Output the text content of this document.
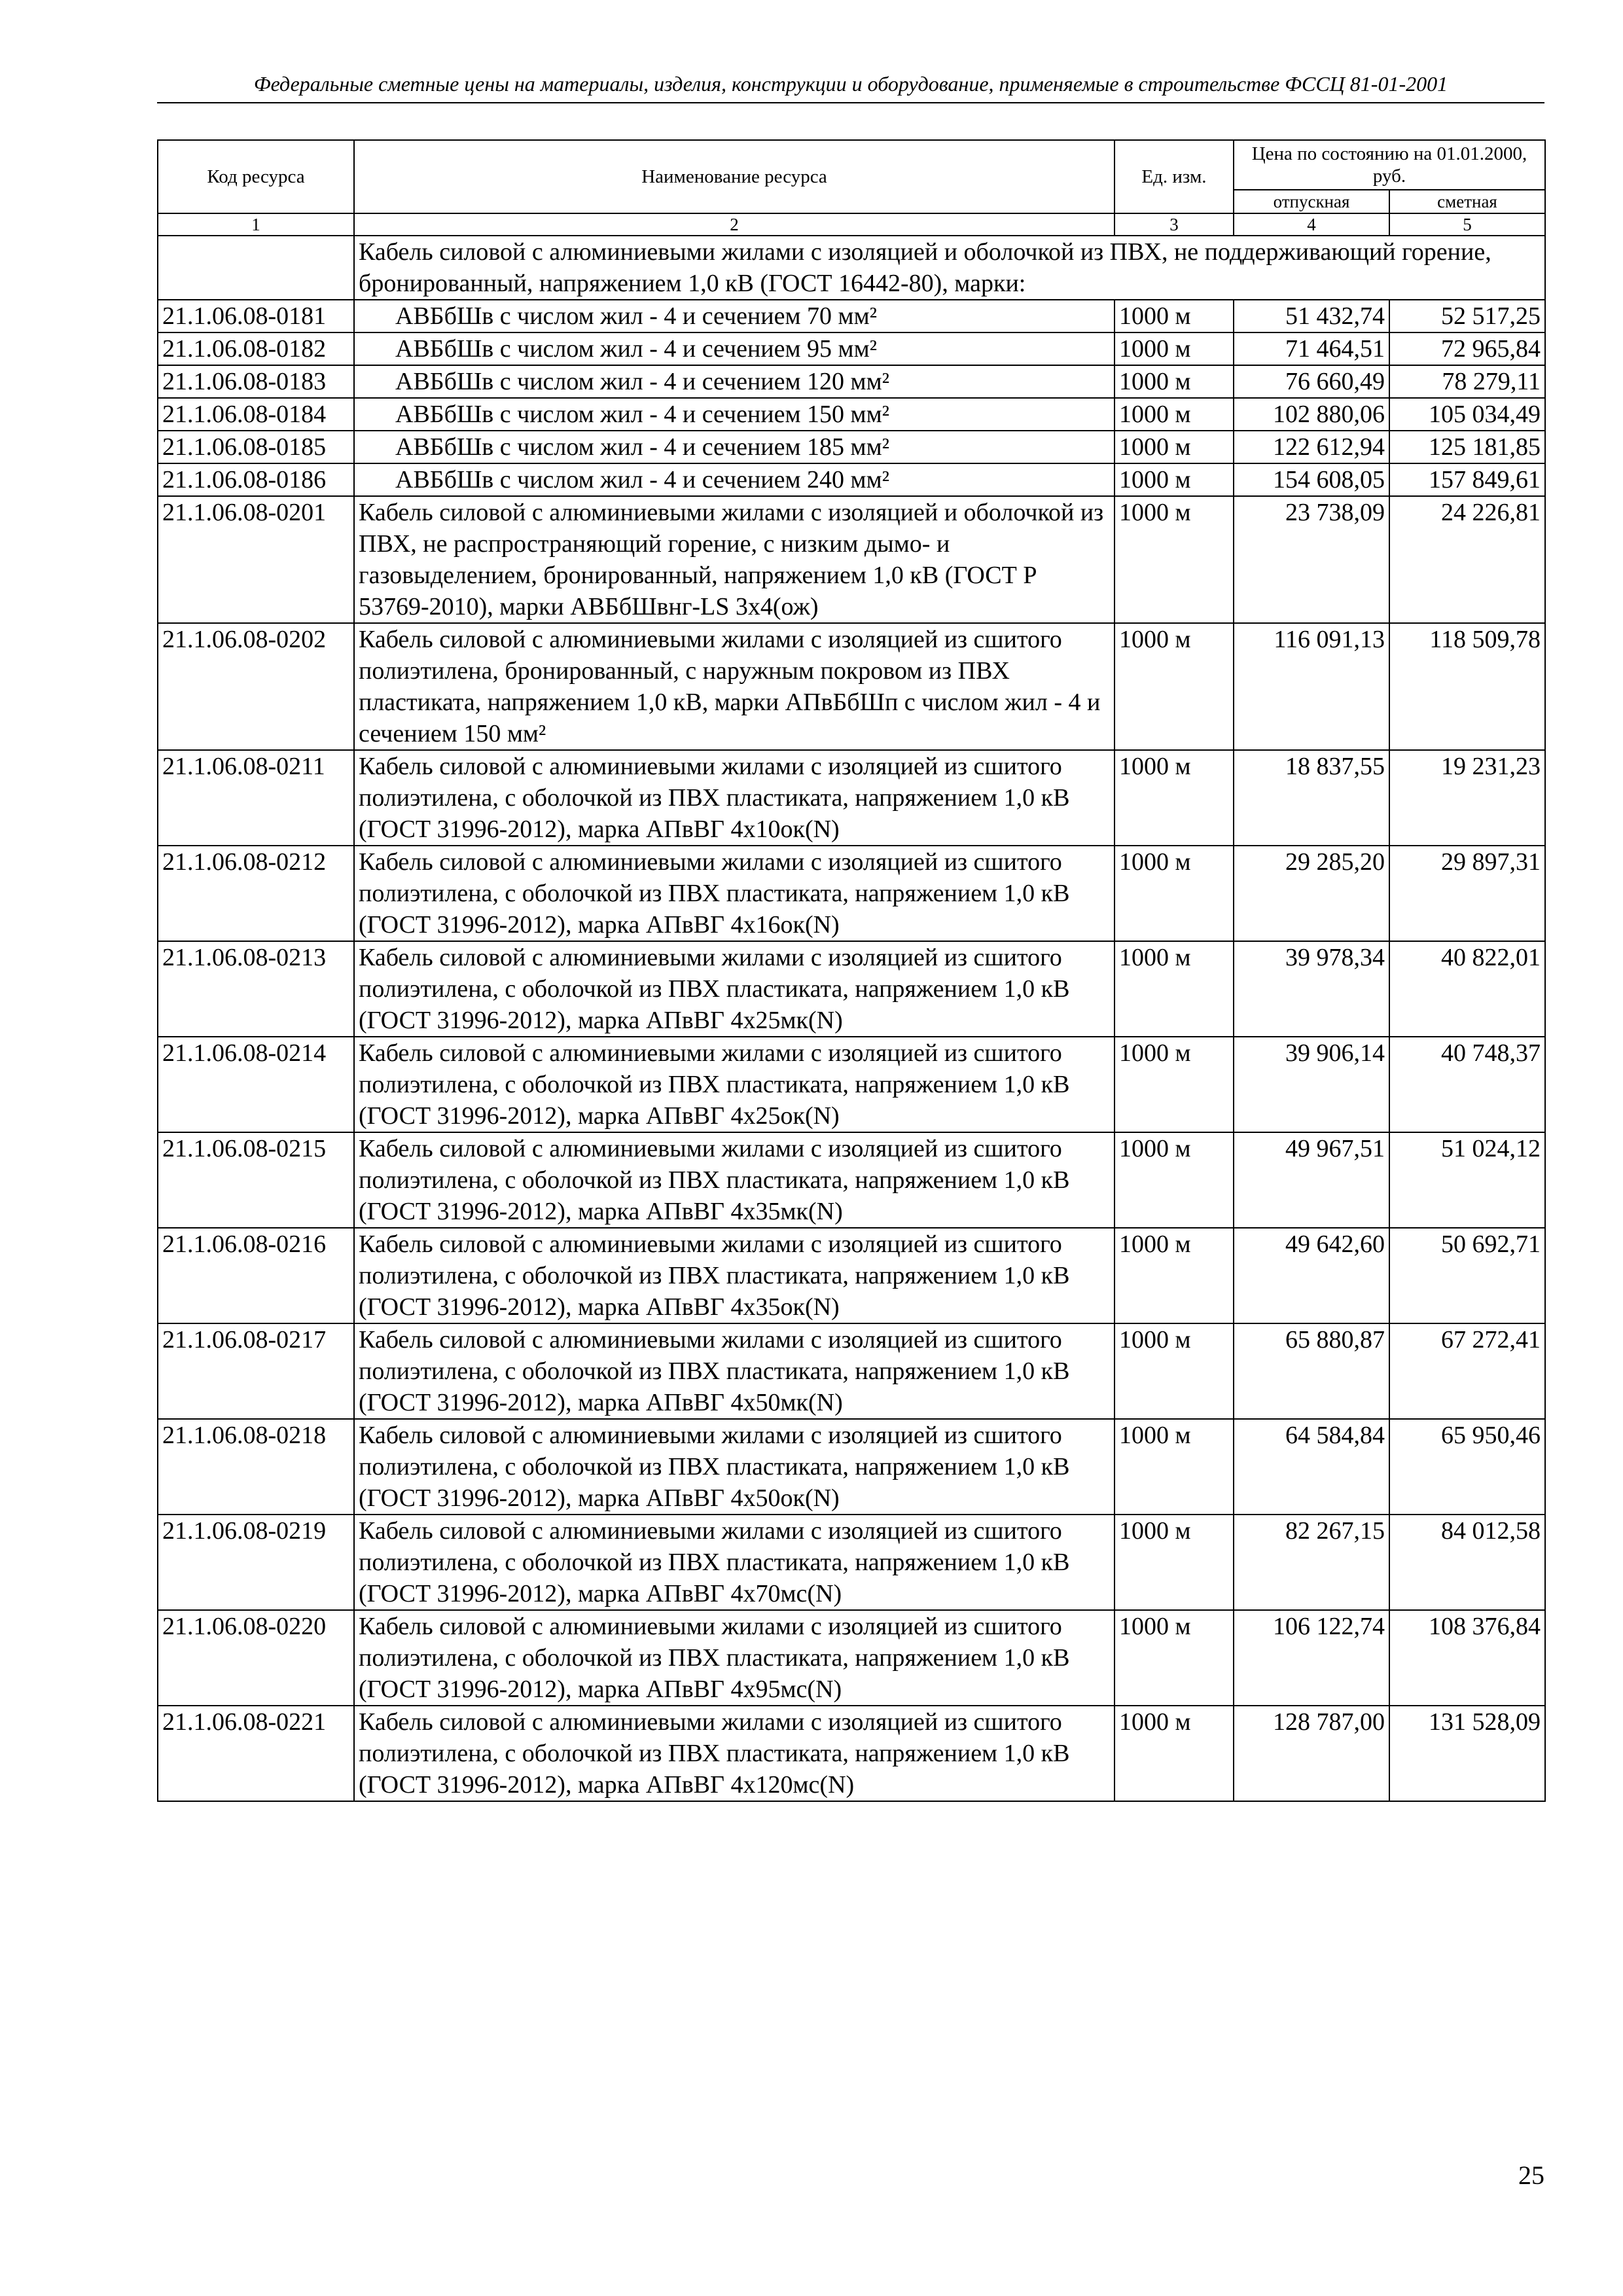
Федеральные сметные цены на материалы, изделия, конструкции и оборудование, применяемые в строительстве ФССЦ 81-01-2001
Код ресурса	Наименование ресурса	Ед. изм.	Цена по состоянию на 01.01.2000, руб.	
			отпускная	сметная
1	2	3	4	5
	Кабель силовой с алюминиевыми жилами с изоляцией и оболочкой из ПВХ, не поддерживающий горение, бронированный, напряжением 1,0 кВ (ГОСТ 16442-80), марки:			
21.1.06.08-0181	АВБбШв с числом жил - 4 и сечением 70 мм²	1000 м	51 432,74	52 517,25
21.1.06.08-0182	АВБбШв с числом жил - 4 и сечением 95 мм²	1000 м	71 464,51	72 965,84
21.1.06.08-0183	АВБбШв с числом жил - 4 и сечением 120 мм²	1000 м	76 660,49	78 279,11
21.1.06.08-0184	АВБбШв с числом жил - 4 и сечением 150 мм²	1000 м	102 880,06	105 034,49
21.1.06.08-0185	АВБбШв с числом жил - 4 и сечением 185 мм²	1000 м	122 612,94	125 181,85
21.1.06.08-0186	АВБбШв с числом жил - 4 и сечением 240 мм²	1000 м	154 608,05	157 849,61
21.1.06.08-0201	Кабель силовой с алюминиевыми жилами с изоляцией и оболочкой из ПВХ, не распространяющий горение, с низким дымо- и газовыделением, бронированный, напряжением 1,0 кВ (ГОСТ Р 53769-2010), марки АВБбШвнг-LS 3х4(ож)	1000 м	23 738,09	24 226,81
21.1.06.08-0202	Кабель силовой с алюминиевыми жилами с изоляцией из сшитого полиэтилена, бронированный, с наружным покровом из ПВХ пластиката, напряжением 1,0 кВ, марки АПвБбШп с числом жил - 4 и сечением 150 мм²	1000 м	116 091,13	118 509,78
21.1.06.08-0211	Кабель силовой с алюминиевыми жилами с изоляцией из сшитого полиэтилена, с оболочкой из ПВХ пластиката, напряжением 1,0 кВ (ГОСТ 31996-2012), марка АПвВГ 4х10ок(N)	1000 м	18 837,55	19 231,23
21.1.06.08-0212	Кабель силовой с алюминиевыми жилами с изоляцией из сшитого полиэтилена, с оболочкой из ПВХ пластиката, напряжением 1,0 кВ (ГОСТ 31996-2012), марка АПвВГ 4х16ок(N)	1000 м	29 285,20	29 897,31
21.1.06.08-0213	Кабель силовой с алюминиевыми жилами с изоляцией из сшитого полиэтилена, с оболочкой из ПВХ пластиката, напряжением 1,0 кВ (ГОСТ 31996-2012), марка АПвВГ 4х25мк(N)	1000 м	39 978,34	40 822,01
21.1.06.08-0214	Кабель силовой с алюминиевыми жилами с изоляцией из сшитого полиэтилена, с оболочкой из ПВХ пластиката, напряжением 1,0 кВ (ГОСТ 31996-2012), марка АПвВГ 4х25ок(N)	1000 м	39 906,14	40 748,37
21.1.06.08-0215	Кабель силовой с алюминиевыми жилами с изоляцией из сшитого полиэтилена, с оболочкой из ПВХ пластиката, напряжением 1,0 кВ (ГОСТ 31996-2012), марка АПвВГ 4х35мк(N)	1000 м	49 967,51	51 024,12
21.1.06.08-0216	Кабель силовой с алюминиевыми жилами с изоляцией из сшитого полиэтилена, с оболочкой из ПВХ пластиката, напряжением 1,0 кВ (ГОСТ 31996-2012), марка АПвВГ 4х35ок(N)	1000 м	49 642,60	50 692,71
21.1.06.08-0217	Кабель силовой с алюминиевыми жилами с изоляцией из сшитого полиэтилена, с оболочкой из ПВХ пластиката, напряжением 1,0 кВ (ГОСТ 31996-2012), марка АПвВГ 4х50мк(N)	1000 м	65 880,87	67 272,41
21.1.06.08-0218	Кабель силовой с алюминиевыми жилами с изоляцией из сшитого полиэтилена, с оболочкой из ПВХ пластиката, напряжением 1,0 кВ (ГОСТ 31996-2012), марка АПвВГ 4х50ок(N)	1000 м	64 584,84	65 950,46
21.1.06.08-0219	Кабель силовой с алюминиевыми жилами с изоляцией из сшитого полиэтилена, с оболочкой из ПВХ пластиката, напряжением 1,0 кВ (ГОСТ 31996-2012), марка АПвВГ 4х70мс(N)	1000 м	82 267,15	84 012,58
21.1.06.08-0220	Кабель силовой с алюминиевыми жилами с изоляцией из сшитого полиэтилена, с оболочкой из ПВХ пластиката, напряжением 1,0 кВ (ГОСТ 31996-2012), марка АПвВГ 4х95мс(N)	1000 м	106 122,74	108 376,84
21.1.06.08-0221	Кабель силовой с алюминиевыми жилами с изоляцией из сшитого полиэтилена, с оболочкой из ПВХ пластиката, напряжением 1,0 кВ (ГОСТ 31996-2012), марка АПвВГ 4х120мс(N)	1000 м	128 787,00	131 528,09
25
